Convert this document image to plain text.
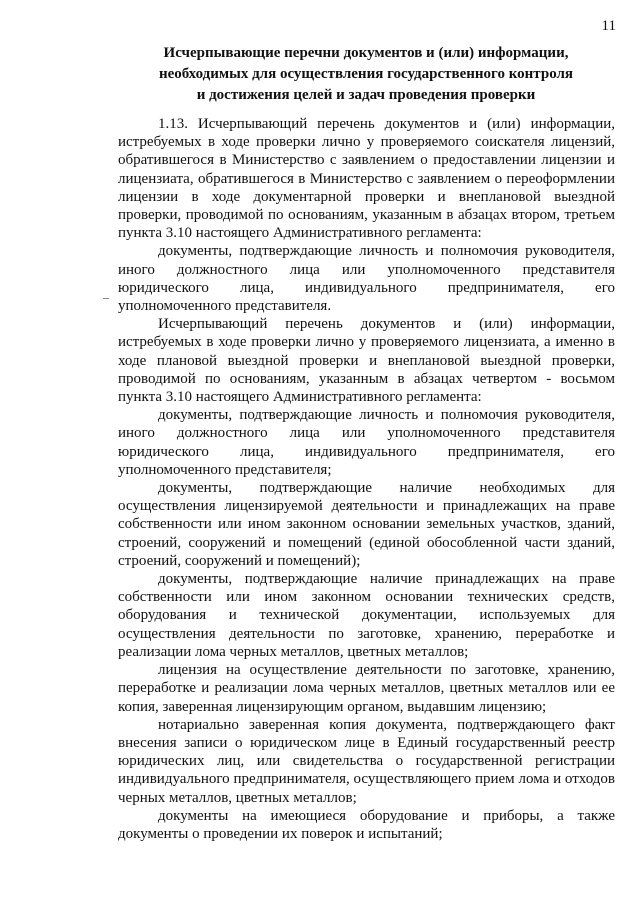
11
Исчерпывающие перечни документов и (или) информации,
необходимых для осуществления государственного контроля
и достижения целей и задач проведения проверки

1.13. Исчерпывающий перечень документов и (или) информации, истребуемых в ходе проверки лично у проверяемого соискателя лицензий, обратившегося в Министерство с заявлением о предоставлении лицензии и лицензиата, обратившегося в Министерство с заявлением о переоформлении лицензии в ходе документарной проверки и внеплановой выездной проверки, проводимой по основаниям, указанным в абзацах втором, третьем пункта 3.10 настоящего Административного регламента:

документы, подтверждающие личность и полномочия руководителя, иного должностного лица или уполномоченного представителя юридического лица, индивидуального предпринимателя, его уполномоченного представителя.

Исчерпывающий перечень документов и (или) информации, истребуемых в ходе проверки лично у проверяемого лицензиата, а именно в ходе плановой выездной проверки и внеплановой выездной проверки, проводимой по основаниям, указанным в абзацах четвертом - восьмом пункта 3.10 настоящего Административного регламента:

документы, подтверждающие личность и полномочия руководителя, иного должностного лица или уполномоченного представителя юридического лица, индивидуального предпринимателя, его уполномоченного представителя;

документы, подтверждающие наличие необходимых для осуществления лицензируемой деятельности и принадлежащих на праве собственности или ином законном основании земельных участков, зданий, строений, сооружений и помещений (единой обособленной части зданий, строений, сооружений и помещений);

документы, подтверждающие наличие принадлежащих на праве собственности или ином законном основании технических средств, оборудования и технической документации, используемых для осуществления деятельности по заготовке, хранению, переработке и реализации лома черных металлов, цветных металлов;

лицензия на осуществление деятельности по заготовке, хранению, переработке и реализации лома черных металлов, цветных металлов или ее копия, заверенная лицензирующим органом, выдавшим лицензию;

нотариально заверенная копия документа, подтверждающего факт внесения записи о юридическом лице в Единый государственный реестр юридических лиц, или свидетельства о государственной регистрации индивидуального предпринимателя, осуществляющего прием лома и отходов черных металлов, цветных металлов;

документы на имеющиеся оборудование и приборы, а также документы о проведении их поверок и испытаний;
